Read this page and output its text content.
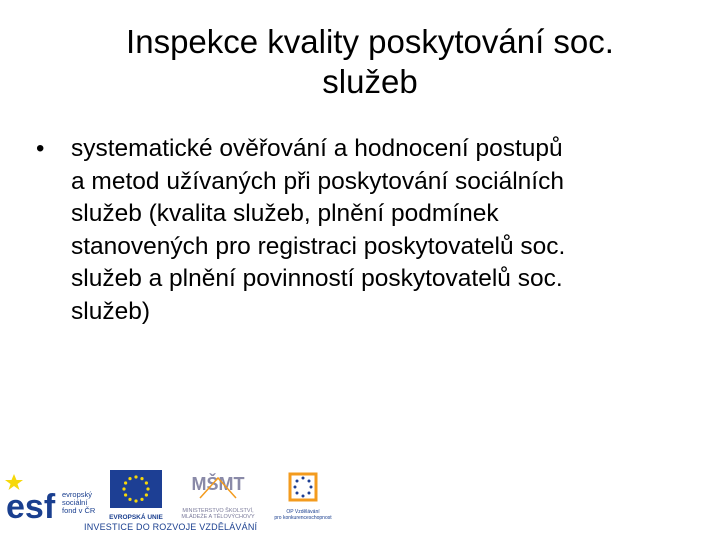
Inspekce kvality poskytování soc.
služeb
• systematické ověřování a hodnocení postupů
a metod užívaných při poskytování sociálních
služeb (kvalita služeb, plnění podmínek
stanovených pro registraci poskytovatelů soc.
služeb a plnění povinností poskytovatelů soc.
služeb)
esf evropský
sociální
fond v ČR
EVROPSKÁ UNIE
MŠMT
MINISTERSTVO ŠKOLSTVÍ,
MLÁDEŽE A TĚLOVÝCHOVY
OP Vzdělávání
pro konkurenceschopnost
INVESTICE DO ROZVOJE VZDĚLÁVÁNÍ
